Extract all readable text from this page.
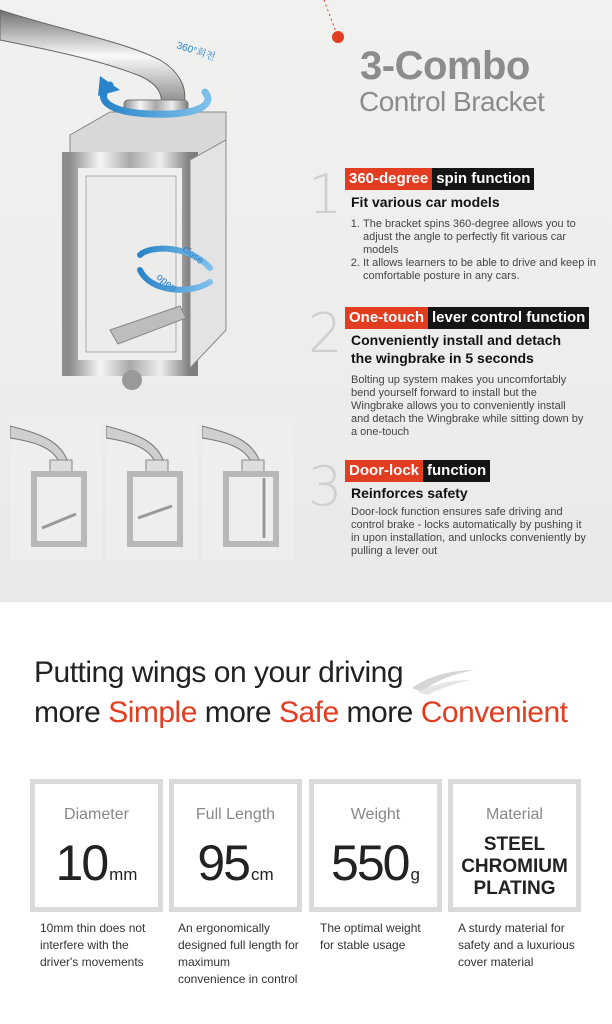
360°회전
close
open
3-Combo
Control Bracket
1 360-degree spin function
Fit various car models
1. The bracket spins 360-degree allows you to adjust the angle to perfectly fit various car models
2. It allows learners to be able to drive and keep in comfortable posture in any cars.
2 One-touch lever control function
Conveniently install and detach
the wingbrake in 5 seconds
Bolting up system makes you uncomfortably bend yourself forward to install but the Wingbrake allows you to conveniently install and detach the Wingbrake while sitting down by a one-touch
3 Door-lock function
Reinforces safety
Door-lock function ensures safe driving and control brake - locks automatically by pushing it in upon installation, and unlocks conveniently by pulling a lever out
Putting wings on your driving
more Simple more Safe more Convenient
Diameter
10 mm
Full Length
95 cm
Weight
550 g
Material
STEEL
CHROMIUM
PLATING
10mm thin does not interfere with the driver's movements
An ergonomically designed full length for maximum convenience in control
The optimal weight for stable usage
A sturdy material for safety and a luxurious cover material
